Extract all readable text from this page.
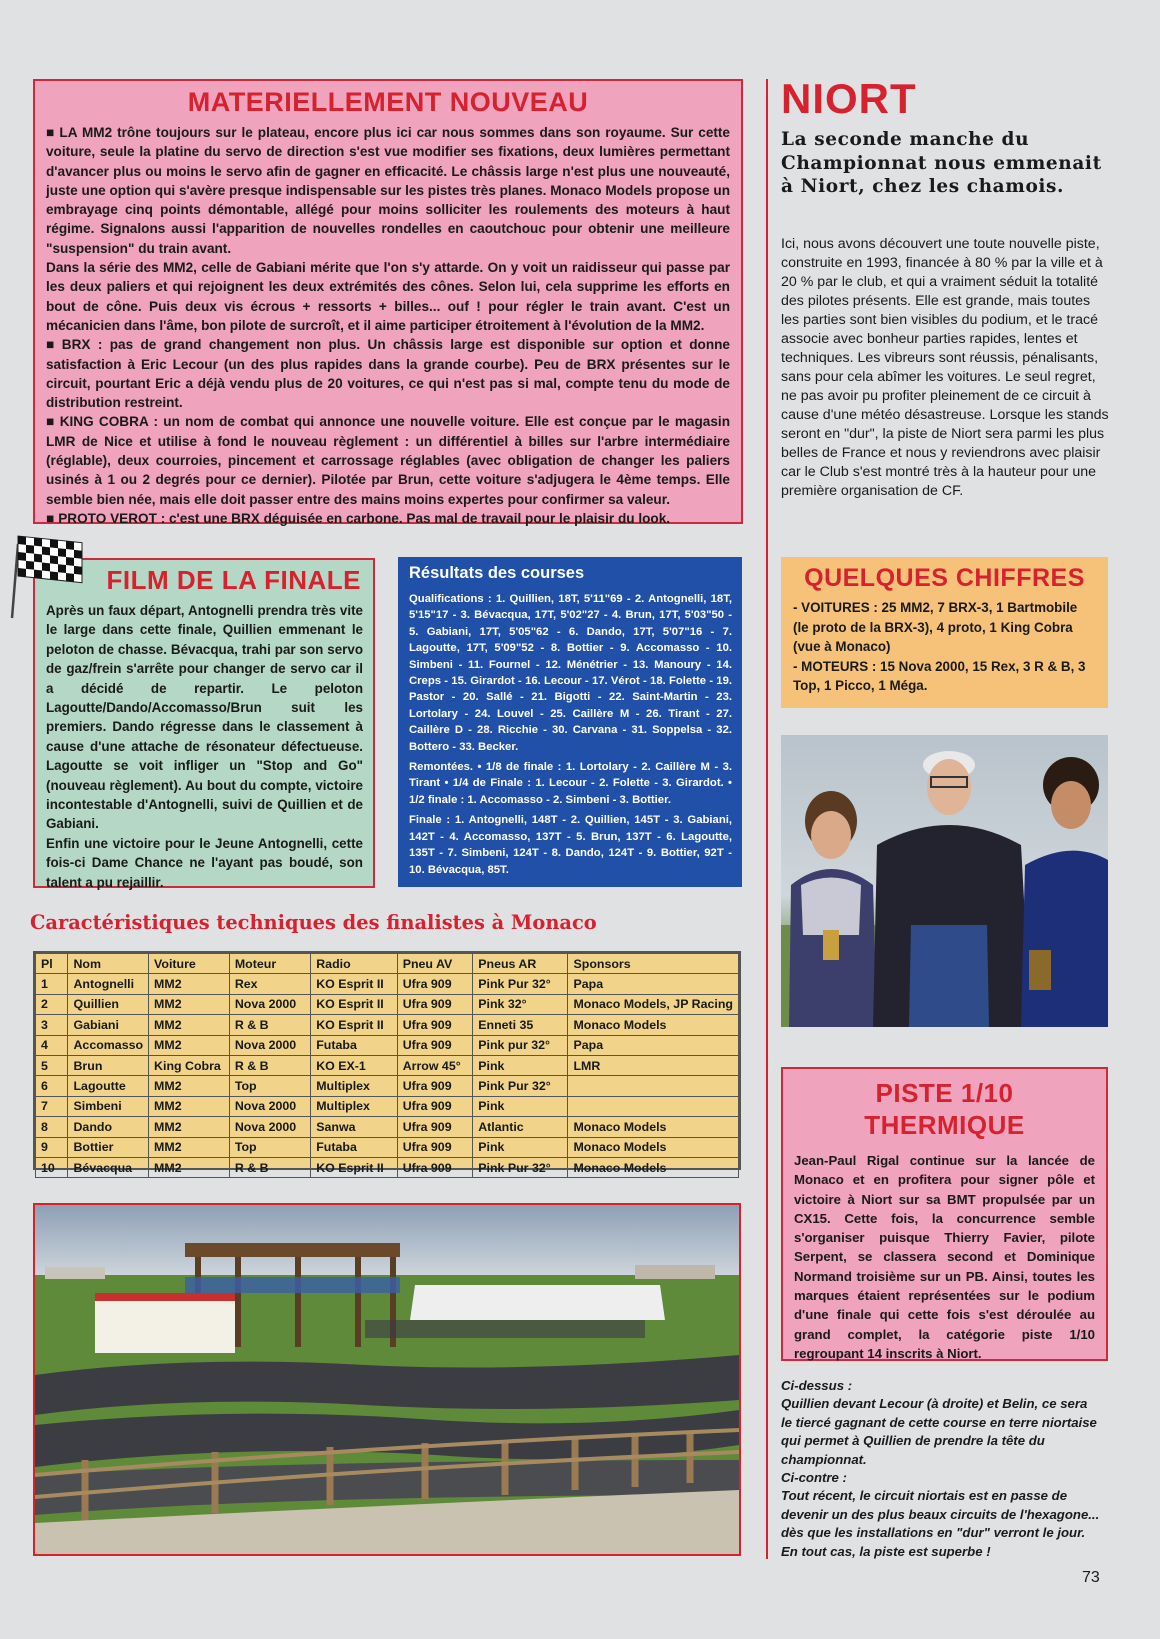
MATERIELLEMENT NOUVEAU

■ LA MM2 trône toujours sur le plateau, encore plus ici car nous sommes dans son royaume. Sur cette voiture, seule la platine du servo de direction s'est vue modifier ses fixations, deux lumières permettant d'avancer plus ou moins le servo afin de gagner en efficacité. Le châssis large n'est plus une nouveauté, juste une option qui s'avère presque indispensable sur les pistes très planes. Monaco Models propose un embrayage cinq points démontable, allégé pour moins solliciter les roulements des moteurs à haut régime. Signalons aussi l'apparition de nouvelles rondelles en caoutchouc pour obtenir une meilleure "suspension" du train avant.

Dans la série des MM2, celle de Gabiani mérite que l'on s'y attarde. On y voit un raidisseur qui passe par les deux paliers et qui rejoignent les deux extrémités des cônes. Selon lui, cela supprime les efforts en bout de cône. Puis deux vis écrous + ressorts + billes... ouf ! pour régler le train avant. C'est un mécanicien dans l'âme, bon pilote de surcroît, et il aime participer étroitement à l'évolution de la MM2.

■ BRX : pas de grand changement non plus. Un châssis large est disponible sur option et donne satisfaction à Eric Lecour (un des plus rapides dans la grande courbe). Peu de BRX présentes sur le circuit, pourtant Eric a déjà vendu plus de 20 voitures, ce qui n'est pas si mal, compte tenu du mode de distribution restreint.

■ KING COBRA : un nom de combat qui annonce une nouvelle voiture. Elle est conçue par le magasin LMR de Nice et utilise à fond le nouveau règlement : un différentiel à billes sur l'arbre intermédiaire (réglable), deux courroies, pincement et carrossage réglables (avec obligation de changer les paliers usinés à 1 ou 2 degrés pour ce dernier). Pilotée par Brun, cette voiture s'adjugera le 4ème temps. Elle semble bien née, mais elle doit passer entre des mains moins expertes pour confirmer sa valeur.

■ PROTO VEROT : c'est une BRX déguisée en carbone. Pas mal de travail pour le plaisir du look.

NIORT
La seconde manche du Championnat nous emmenait à Niort, chez les chamois.
Ici, nous avons découvert une toute nouvelle piste, construite en 1993, financée à 80 % par la ville et à 20 % par le club, et qui a vraiment séduit la totalité des pilotes présents. Elle est grande, mais toutes les parties sont bien visibles du podium, et le tracé associe avec bonheur parties rapides, lentes et techniques. Les vibreurs sont réussis, pénalisants, sans pour cela abîmer les voitures. Le seul regret, ne pas avoir pu profiter pleinement de ce circuit à cause d'une météo désastreuse. Lorsque les stands seront en "dur", la piste de Niort sera parmi les plus belles de France et nous y reviendrons avec plaisir car le Club s'est montré très à la hauteur pour une première organisation de CF.
FILM DE LA FINALE

Après un faux départ, Antognelli prendra très vite le large dans cette finale, Quillien emmenant le peloton de chasse. Bévacqua, trahi par son servo de gaz/frein s'arrête pour changer de servo car il a décidé de repartir. Le peloton Lagoutte/Dando/Accomasso/Brun suit les premiers. Dando régresse dans le classement à cause d'une attache de résonateur défectueuse. Lagoutte se voit infliger un "Stop and Go" (nouveau règlement). Au bout du compte, victoire incontestable d'Antognelli, suivi de Quillien et de Gabiani.

Enfin une victoire pour le Jeune Antognelli, cette fois-ci Dame Chance ne l'ayant pas boudé, son talent a pu rejaillir.

Résultats des courses

Qualifications : 1. Quillien, 18T, 5'11"69 - 2. Antognelli, 18T, 5'15"17 - 3. Bévacqua, 17T, 5'02"27 - 4. Brun, 17T, 5'03"50 - 5. Gabiani, 17T, 5'05"62 - 6. Dando, 17T, 5'07"16 - 7. Lagoutte, 17T, 5'09"52 - 8. Bottier - 9. Accomasso - 10. Simbeni - 11. Fournel - 12. Ménétrier - 13. Manoury - 14. Creps - 15. Girardot - 16. Lecour - 17. Vérot - 18. Folette - 19. Pastor - 20. Sallé - 21. Bigotti - 22. Saint-Martin - 23. Lortolary - 24. Louvel - 25. Caillère M - 26. Tirant - 27. Caillère D - 28. Ricchie - 30. Carvana - 31. Soppelsa - 32. Bottero - 33. Becker.

Remontées. • 1/8 de finale : 1. Lortolary - 2. Caillère M - 3. Tirant • 1/4 de Finale : 1. Lecour - 2. Folette - 3. Girardot. • 1/2 finale : 1. Accomasso - 2. Simbeni - 3. Bottier.

Finale : 1. Antognelli, 148T - 2. Quillien, 145T - 3. Gabiani, 142T - 4. Accomasso, 137T - 5. Brun, 137T - 6. Lagoutte, 135T - 7. Simbeni, 124T - 8. Dando, 124T - 9. Bottier, 92T - 10. Bévacqua, 85T.

QUELQUES CHIFFRES

- VOITURES : 25 MM2, 7 BRX-3, 1 Bartmobile (le proto de la BRX-3), 4 proto, 1 King Cobra (vue à Monaco)

- MOTEURS : 15 Nova 2000, 15 Rex, 3 R & B, 3 Top, 1 Picco, 1 Méga.

Caractéristiques techniques des finalistes à Monaco
Pl	Nom	Voiture	Moteur	Radio	Pneu AV	Pneus AR	Sponsors
1	Antognelli	MM2	Rex	KO Esprit II	Ufra 909	Pink Pur 32°	Papa
2	Quillien	MM2	Nova 2000	KO Esprit II	Ufra 909	Pink 32°	Monaco Models, JP Racing
3	Gabiani	MM2	R & B	KO Esprit II	Ufra 909	Enneti 35	Monaco Models
4	Accomasso	MM2	Nova 2000	Futaba	Ufra 909	Pink pur 32°	Papa
5	Brun	King Cobra	R & B	KO EX-1	Arrow 45°	Pink	LMR
6	Lagoutte	MM2	Top	Multiplex	Ufra 909	Pink Pur 32°	
7	Simbeni	MM2	Nova 2000	Multiplex	Ufra 909	Pink	
8	Dando	MM2	Nova 2000	Sanwa	Ufra 909	Atlantic	Monaco Models
9	Bottier	MM2	Top	Futaba	Ufra 909	Pink	Monaco Models
10	Bévacqua	MM2	R & B	KO Esprit II	Ufra 909	Pink Pur 32°	Monaco Models
PISTE 1/10
THERMIQUE
Jean-Paul Rigal continue sur la lancée de Monaco et en profitera pour signer pôle et victoire à Niort sur sa BMT propulsée par un CX15. Cette fois, la concurrence semble s'organiser puisque Thierry Favier, pilote Serpent, se classera second et Dominique Normand troisième sur un PB. Ainsi, toutes les marques étaient représentées sur le podium d'une finale qui cette fois s'est déroulée au grand complet, la catégorie piste 1/10 regroupant 14 inscrits à Niort.
Ci-dessus :
Quillien devant Lecour (à droite) et Belin, ce sera le tiercé gagnant de cette course en terre niortaise qui permet à Quillien de prendre la tête du championnat.
Ci-contre :
Tout récent, le circuit niortais est en passe de devenir un des plus beaux circuits de l'hexagone... dès que les installations en "dur" verront le jour. En tout cas, la piste est superbe !
73
